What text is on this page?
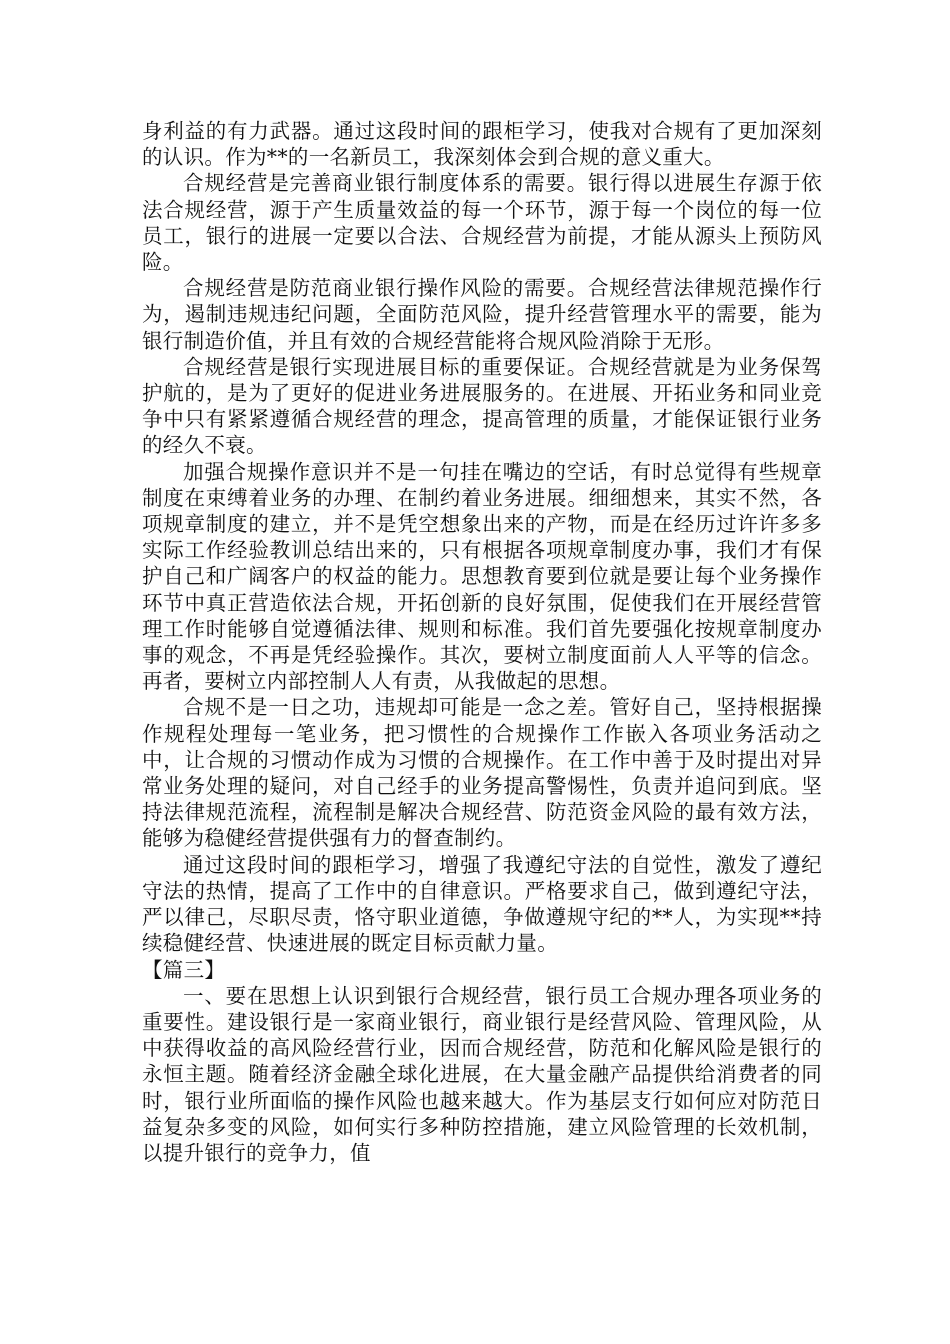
身利益的有力武器。通过这段时间的跟柜学习，使我对合规有了更加深刻的认识。作为**的一名新员工，我深刻体会到合规的意义重大。

合规经营是完善商业银行制度体系的需要。银行得以进展生存源于依法合规经营，源于产生质量效益的每一个环节，源于每一个岗位的每一位员工，银行的进展一定要以合法、合规经营为前提，才能从源头上预防风险。

合规经营是防范商业银行操作风险的需要。合规经营法律规范操作行为，遏制违规违纪问题，全面防范风险，提升经营管理水平的需要，能为银行制造价值，并且有效的合规经营能将合规风险消除于无形。

合规经营是银行实现进展目标的重要保证。合规经营就是为业务保驾护航的，是为了更好的促进业务进展服务的。在进展、开拓业务和同业竞争中只有紧紧遵循合规经营的理念，提高管理的质量，才能保证银行业务的经久不衰。

加强合规操作意识并不是一句挂在嘴边的空话，有时总觉得有些规章制度在束缚着业务的办理、在制约着业务进展。细细想来，其实不然，各项规章制度的建立，并不是凭空想象出来的产物，而是在经历过许许多多实际工作经验教训总结出来的，只有根据各项规章制度办事，我们才有保护自己和广阔客户的权益的能力。思想教育要到位就是要让每个业务操作环节中真正营造依法合规，开拓创新的良好氛围，促使我们在开展经营管理工作时能够自觉遵循法律、规则和标准。我们首先要强化按规章制度办事的观念，不再是凭经验操作。其次，要树立制度面前人人平等的信念。再者，要树立内部控制人人有责，从我做起的思想。

合规不是一日之功，违规却可能是一念之差。管好自己，坚持根据操作规程处理每一笔业务，把习惯性的合规操作工作嵌入各项业务活动之中，让合规的习惯动作成为习惯的合规操作。在工作中善于及时提出对异常业务处理的疑问，对自己经手的业务提高警惕性，负责并追问到底。坚持法律规范流程，流程制是解决合规经营、防范资金风险的最有效方法，能够为稳健经营提供强有力的督查制约。

通过这段时间的跟柜学习，增强了我遵纪守法的自觉性，激发了遵纪守法的热情，提高了工作中的自律意识。严格要求自己，做到遵纪守法，严以律己，尽职尽责，恪守职业道德，争做遵规守纪的**人，为实现**持续稳健经营、快速进展的既定目标贡献力量。

【篇三】

一、要在思想上认识到银行合规经营，银行员工合规办理各项业务的重要性。建设银行是一家商业银行，商业银行是经营风险、管理风险，从中获得收益的高风险经营行业，因而合规经营，防范和化解风险是银行的永恒主题。随着经济金融全球化进展，在大量金融产品提供给消费者的同时，银行业所面临的操作风险也越来越大。作为基层支行如何应对防范日益复杂多变的风险，如何实行多种防控措施，建立风险管理的长效机制，以提升银行的竞争力，值
